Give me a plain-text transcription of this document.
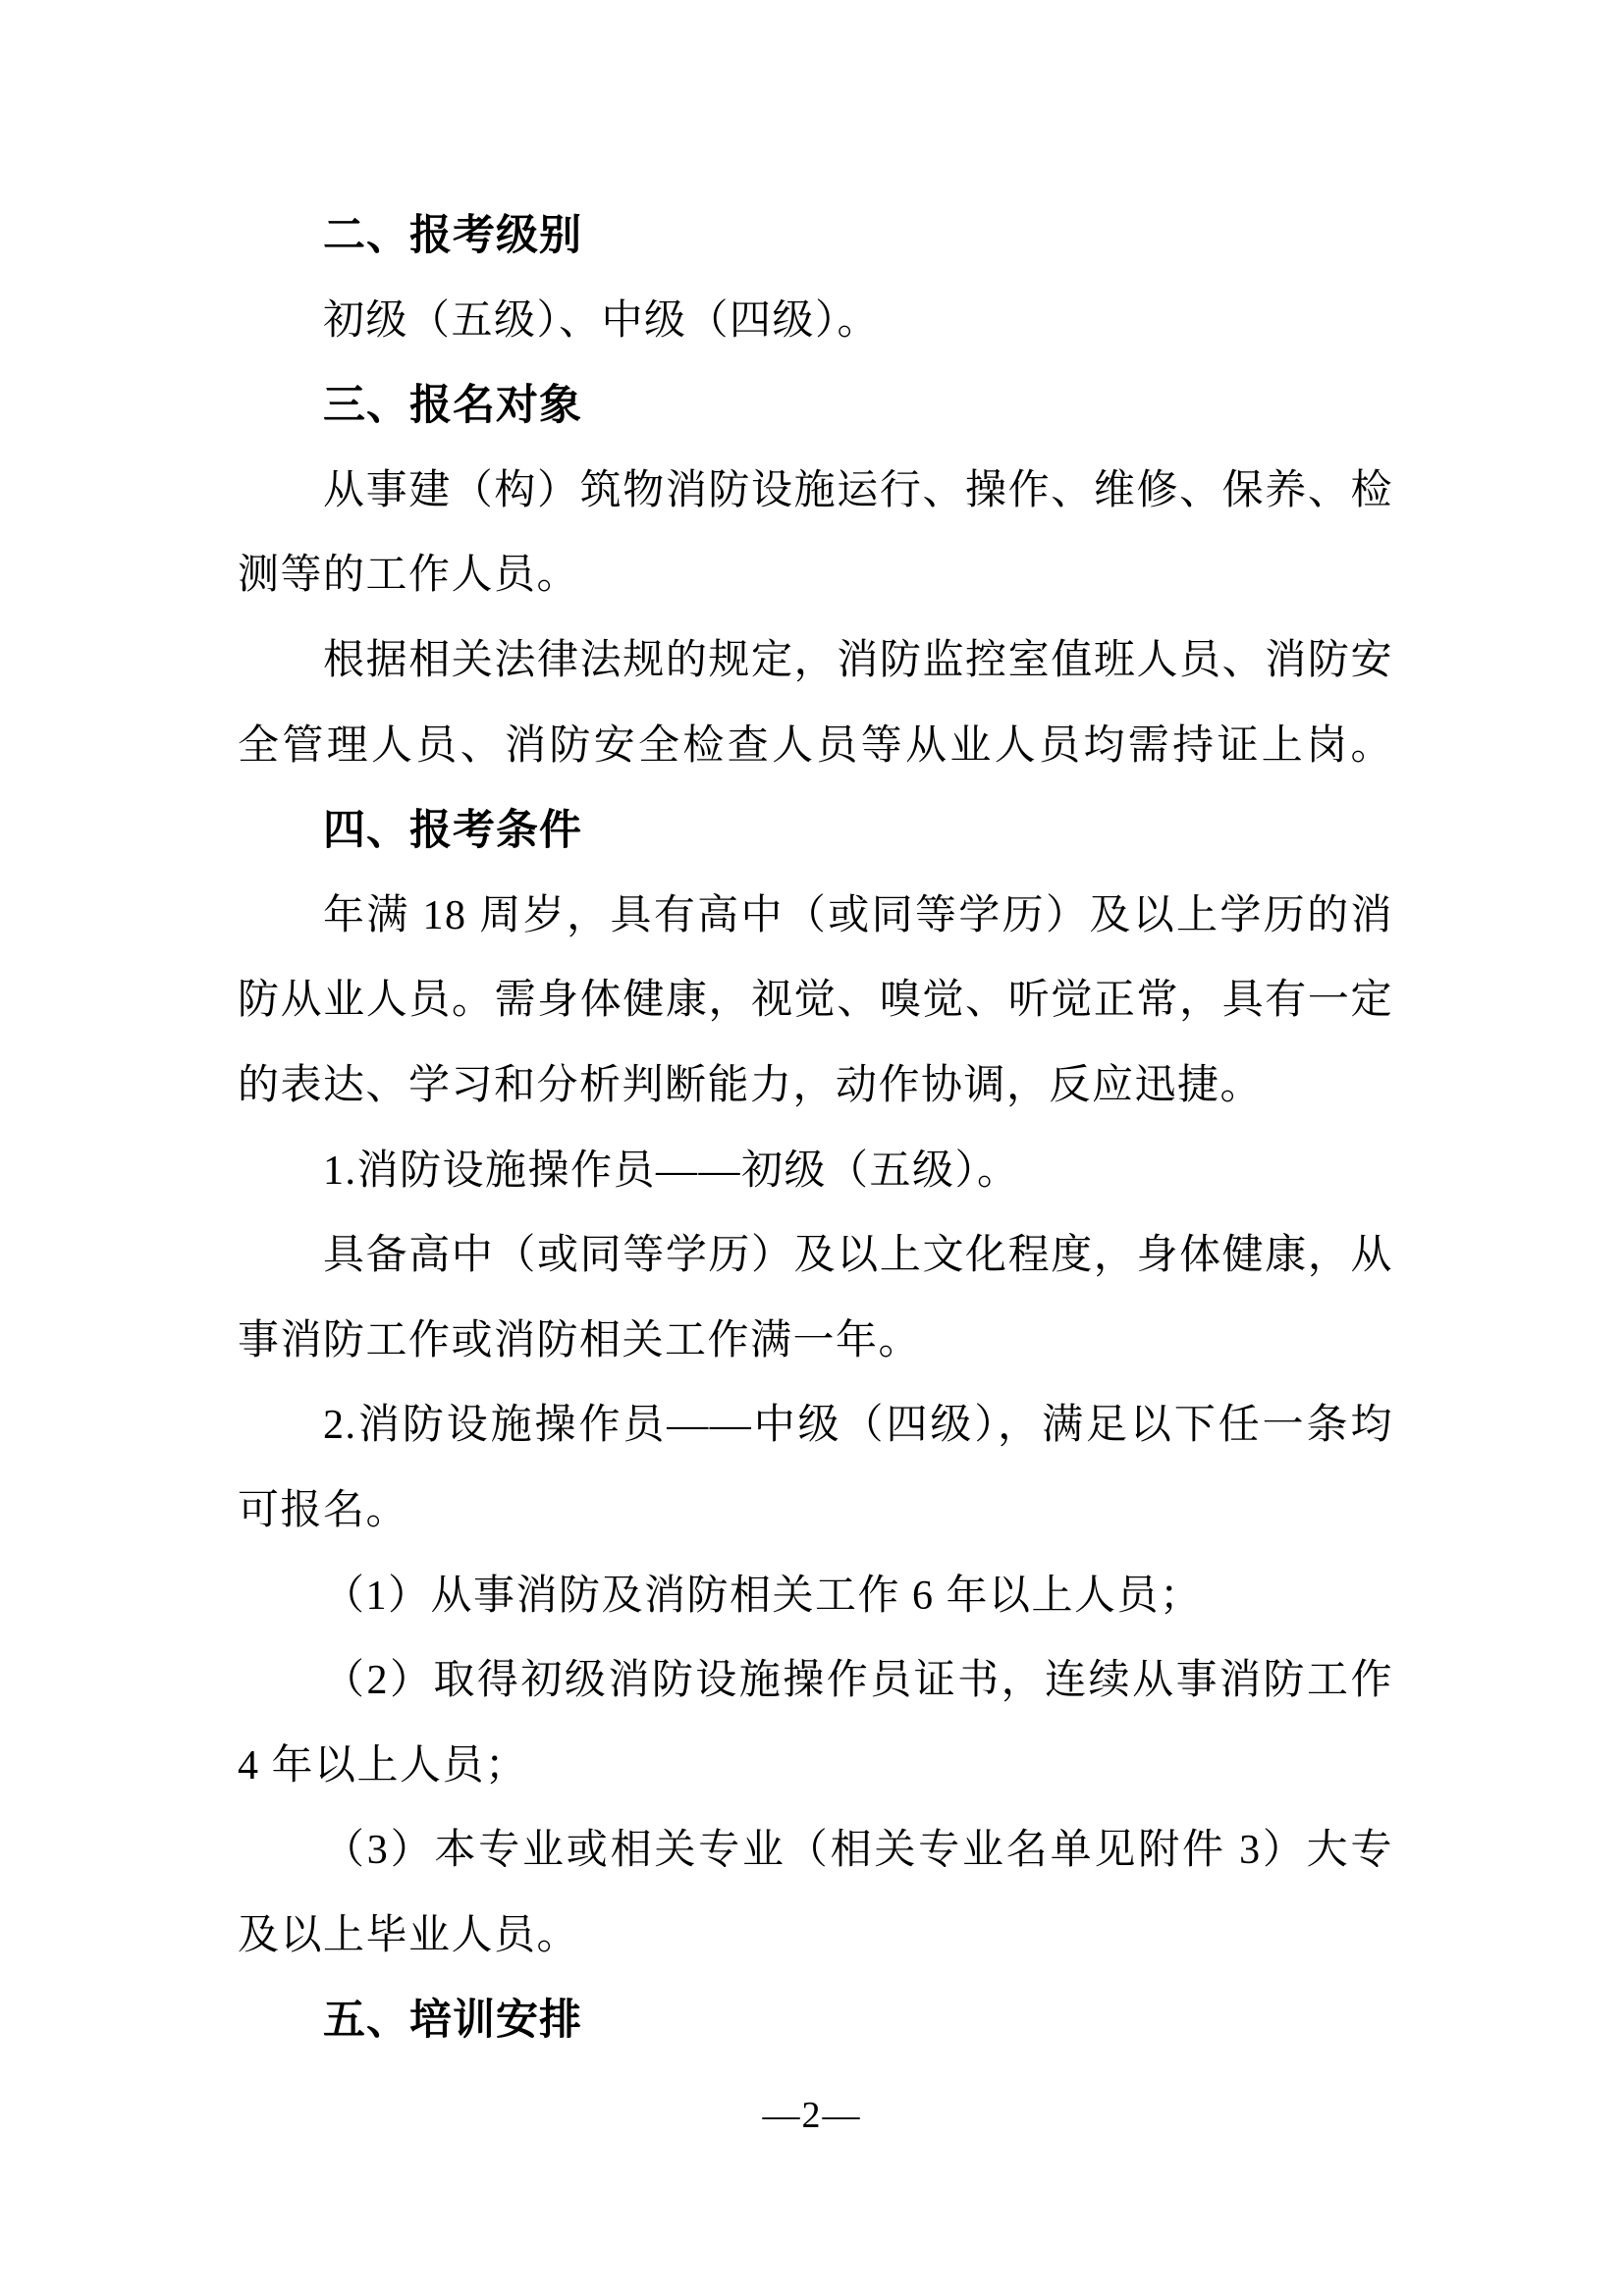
二、报考级别
初级（五级）、中级（四级）。
三、报名对象
从事建（构）筑物消防设施运行、操作、维修、保养、检
测等的工作人员。
根据相关法律法规的规定，消防监控室值班人员、消防安
全管理人员、消防安全检查人员等从业人员均需持证上岗。
四、报考条件
年满 18 周岁，具有高中（或同等学历）及以上学历的消
防从业人员。需身体健康，视觉、嗅觉、听觉正常，具有一定
的表达、学习和分析判断能力，动作协调，反应迅捷。
1.消防设施操作员——初级（五级）。
具备高中（或同等学历）及以上文化程度，身体健康，从
事消防工作或消防相关工作满一年。
2.消防设施操作员——中级（四级），满足以下任一条均
可报名。
（1）从事消防及消防相关工作 6 年以上人员；
（2）取得初级消防设施操作员证书，连续从事消防工作
4 年以上人员；
（3）本专业或相关专业（相关专业名单见附件 3）大专
及以上毕业人员。
五、培训安排
—2—
